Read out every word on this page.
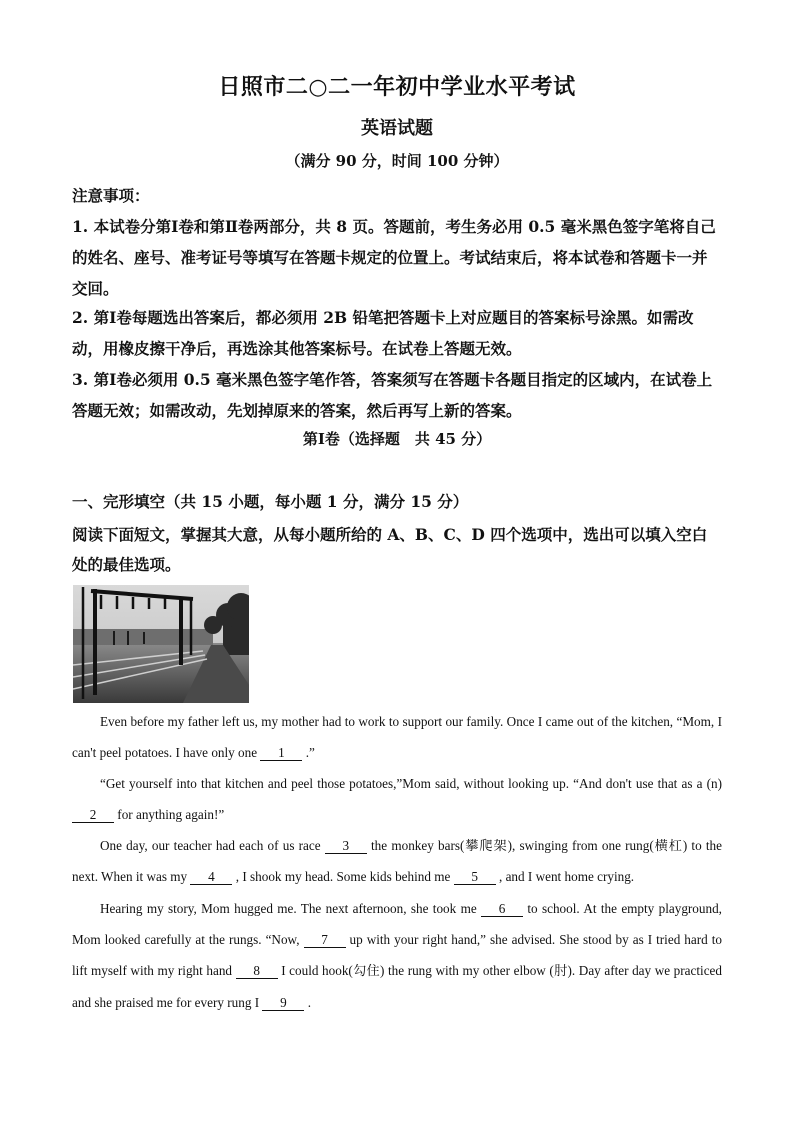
日照市二○二一年初中学业水平考试
英语试题
（满分 90 分，时间 100 分钟）
注意事项：
1. 本试卷分第Ⅰ卷和第Ⅱ卷两部分，共 8 页。答题前，考生务必用 0.5 毫米黑色签字笔将自己的姓名、座号、准考证号等填写在答题卡规定的位置上。考试结束后，将本试卷和答题卡一并交回。
2. 第Ⅰ卷每题选出答案后，都必须用 2B 铅笔把答题卡上对应题目的答案标号涂黑。如需改动，用橡皮擦干净后，再选涂其他答案标号。在试卷上答题无效。
3. 第Ⅰ卷必须用 0.5 毫米黑色签字笔作答，答案须写在答题卡各题目指定的区域内，在试卷上答题无效；如需改动，先划掉原来的答案，然后再写上新的答案。
第Ⅰ卷（选择题　共 45 分）
一、完形填空（共 15 小题，每小题 1 分，满分 15 分）
阅读下面短文，掌握其大意，从每小题所给的 A、B、C、D 四个选项中，选出可以填入空白处的最佳选项。

Even before my father left us, my mother had to work to support our family. Once I came out of the kitchen, “Mom, I can't peel potatoes. I have only one 1 .”

“Get yourself into that kitchen and peel those potatoes,”Mom said, without looking up. “And don't use that as a (n) 2 for anything again!”

One day, our teacher had each of us race 3 the monkey bars(攀爬架), swinging from one rung(横杠) to the next. When it was my 4 , I shook my head. Some kids behind me 5 , and I went home crying.

Hearing my story, Mom hugged me. The next afternoon, she took me 6 to school. At the empty playground, Mom looked carefully at the rungs. “Now, 7 up with your right hand,” she advised. She stood by as I tried hard to lift myself with my right hand 8 I could hook(勾住) the rung with my other elbow (肘). Day after day we practiced and she praised me for every rung I 9 .
